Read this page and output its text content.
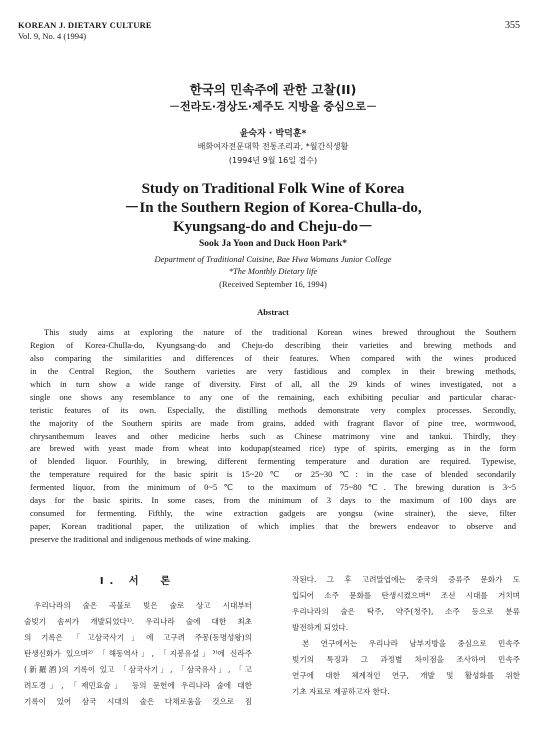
KOREAN J. DIETARY CULTURE
Vol. 9, No. 4 (1994)
355
한국의 민속주에 관한 고찰(II)
－전라도·경상도·제주도 지방을 중심으로－
윤숙자 · 박덕훈*
배화여자전문대학 전통조리과, *월간식생활
(1994년 9월 16일 접수)
Study on Traditional Folk Wine of Korea
－In the Southern Region of Korea-Chulla-do,
Kyungsang-do and Cheju-do－
Sook Ja Yoon and Duck Hoon Park*
Department of Traditional Cuisine, Bae Hwa Womans Junior College
*The Monthly Dietary life
(Received September 16, 1994)
Abstract
This study aims at exploring the nature of the traditional Korean wines brewed throughout the Southern
Region of Korea-Chulla-do, Kyungsang-do and Cheju-do describing their varieties and brewing methods and
also comparing the similarities and differences of their features. When compared with the wines produced
in the Central Region, the Southern varieties are very fastidious and complex in their brewing methods,
which in turn show a wide range of diversity. First of all, all the 29 kinds of wines investigated, not a
single one shows any resemblance to any one of the remaining, each exhibiting peculiar and particular charac-
teristic features of its own. Especially, the distilling methods demonstrate very complex processes. Secondly,
the majority of the Southern spirits are made from grains, added with fragrant flavor of pine tree, wormwood,
chrysanthemum leaves and other medicine herbs such as Chinese matrimony vine and tankui. Thirdly, they
are brewed with yeast made from wheat into kodupap(steamed rice) type of spirits, emerging as in the form
of blended liquor. Fourthly, in brewing, different fermenting temperature and duration are required. Typewise,
the temperature required for the basic spirit is 15~20℃ or 25~30℃: in the case of blended secondarily
fermented liquor, from the minimum of 0~5℃ to the maximum of 75~80℃. The brewing duration is 3~5
days for the basic spirits. In some cases, from the minimum of 3 days to the maximum of 100 days are
consumed for fermenting. Fifthly, the wine extraction gadgets are yongsu (wine strainer), the sieve, filter
paper, Korean traditional paper, the utilization of which implies that the brewers endeavor to observe and
preserve the traditional and indigenous methods of wine making.
I. 서　론
우리나라의 술은 곡물로 빚은 술로 상고 시대부터
술빚기 솜씨가 개발되었다¹⁾. 우리나라 술에 대한 최초
의 기록은 「고삼국사기」에 고구려 주몽(동명성왕)의
탄생신화가 있으며²⁾ 「해동역사」, 「지봉유설」³⁾에 신라주
(新羅酒)의 기록이 있고 「삼국사기」, 「삼국유사」, 「고
려도경」, 「제민요술」 등의 문헌에 우리나라 술에 대한
기록이 있어 삼국 시대의 술은 다채로움을 것으로 짐
작된다. 그 후 고려말엽에는 중국의 증류주 문화가 도
입되어 소주 문화를 탄생시켰으며⁴⁾ 조선 시대를 거치며
우리나라의 술은 탁주, 약주(청주), 소주 등으로 분류
발전하게 되었다.
본 연구에서는 우리나라 남부지방을 중심으로 민속주
빚기의 특징과 그 과정별 차이점을 조사하여 민속주
연구에 대한 체계적인 연구, 개발 및 활성화를 위한
기초 자료로 제공하고자 한다.
